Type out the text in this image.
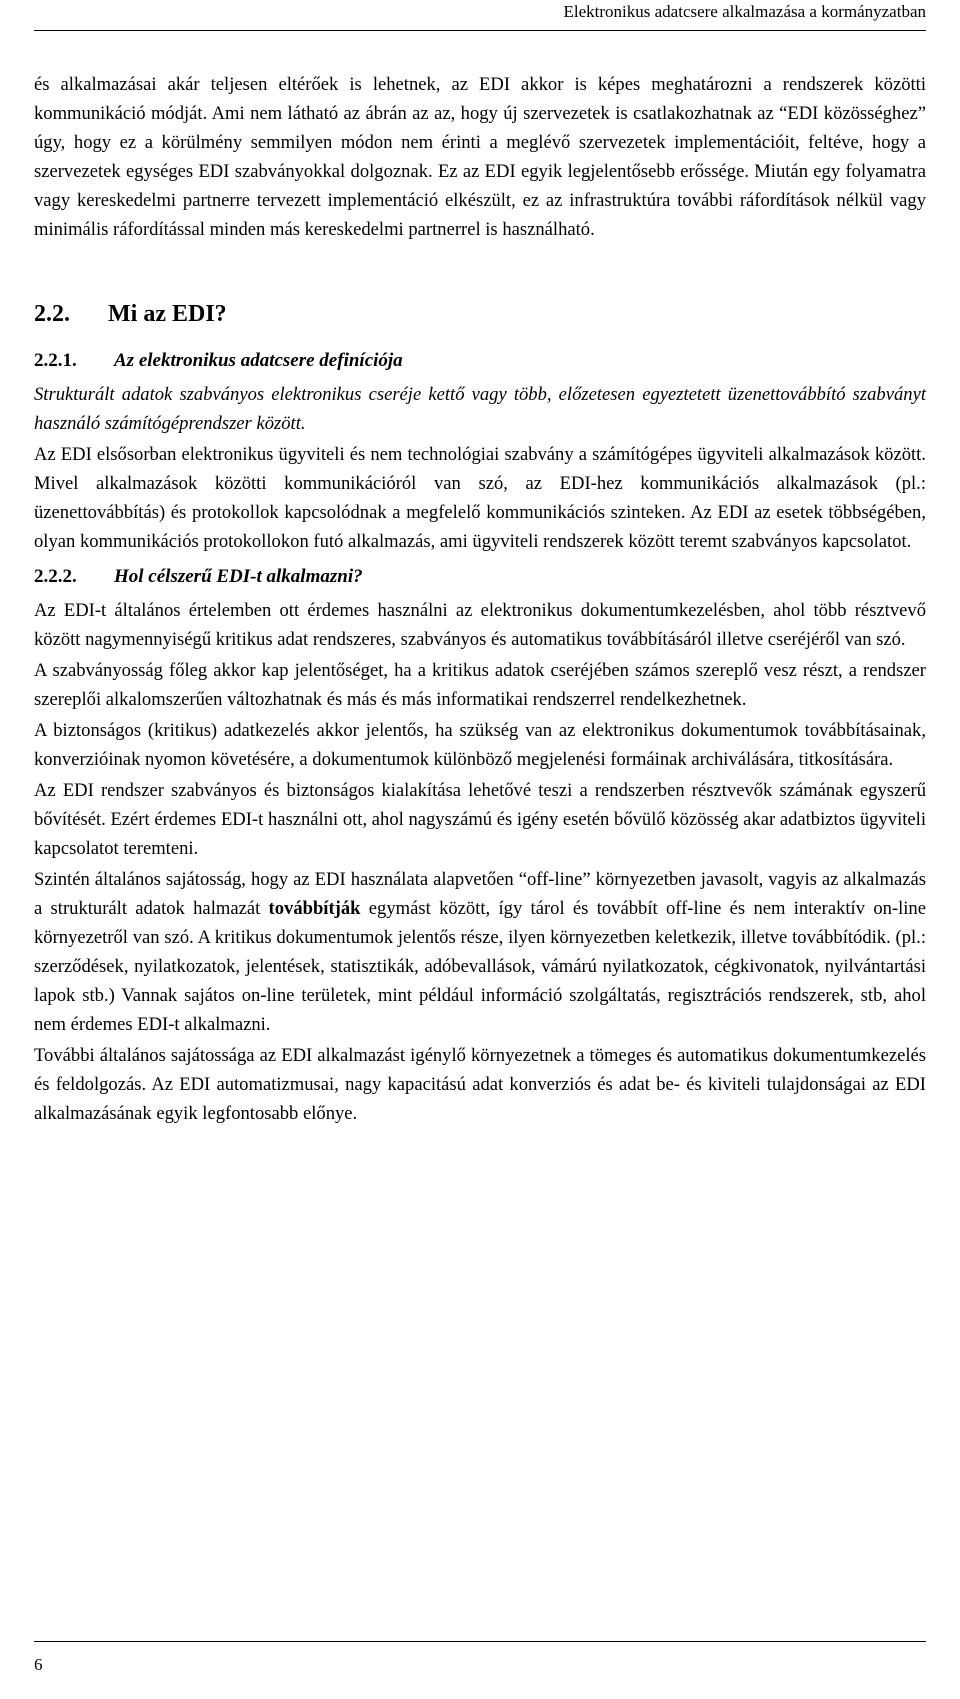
Elektronikus adatcsere alkalmazása a kormányzatban

és alkalmazásai akár teljesen eltérőek is lehetnek, az EDI akkor is képes meghatározni a rendszerek közötti kommunikáció módját. Ami nem látható az ábrán az az, hogy új szervezetek is csatlakozhatnak az “EDI közösséghez” úgy, hogy ez a körülmény semmilyen módon nem érinti a meglévő szervezetek implementációit, feltéve, hogy a szervezetek egységes EDI szabványokkal dolgoznak. Ez az EDI egyik legjelentősebb erőssége. Miután egy folyamatra vagy kereskedelmi partnerre tervezett implementáció elkészült, ez az infrastruktúra további ráfordítások nélkül vagy minimális ráfordítással minden más kereskedelmi partnerrel is használható.

2.2. Mi az EDI?
2.2.1. Az elektronikus adatcsere definíciója

Strukturált adatok szabványos elektronikus cseréje kettő vagy több, előzetesen egyeztetett üzenettovábbító szabványt használó számítógéprendszer között.

Az EDI elsősorban elektronikus ügyviteli és nem technológiai szabvány a számítógépes ügyviteli alkalmazások között. Mivel alkalmazások közötti kommunikációról van szó, az EDI-hez kommunikációs alkalmazások (pl.: üzenettovábbítás) és protokollok kapcsolódnak a megfelelő kommunikációs szinteken. Az EDI az esetek többségében, olyan kommunikációs protokollokon futó alkalmazás, ami ügyviteli rendszerek között teremt szabványos kapcsolatot.

2.2.2. Hol célszerű EDI-t alkalmazni?

Az EDI-t általános értelemben ott érdemes használni az elektronikus dokumentumkezelésben, ahol több résztvevő között nagymennyiségű kritikus adat rendszeres, szabványos és automatikus továbbításáról illetve cseréjéről van szó.

A szabványosság főleg akkor kap jelentőséget, ha a kritikus adatok cseréjében számos szereplő vesz részt, a rendszer szereplői alkalomszerűen változhatnak és más és más informatikai rendszerrel rendelkezhetnek.

A biztonságos (kritikus) adatkezelés akkor jelentős, ha szükség van az elektronikus dokumentumok továbbításainak, konverzióinak nyomon követésére, a dokumentumok különböző megjelenési formáinak archiválására, titkosítására.

Az EDI rendszer szabványos és biztonságos kialakítása lehetővé teszi a rendszerben résztvevők számának egyszerű bővítését. Ezért érdemes EDI-t használni ott, ahol nagyszámú és igény esetén bővülő közösség akar adatbiztos ügyviteli kapcsolatot teremteni.

Szintén általános sajátosság, hogy az EDI használata alapvetően “off-line” környezetben javasolt, vagyis az alkalmazás a strukturált adatok halmazát továbbítják egymást között, így tárol és továbbít off-line és nem interaktív on-line környezetről van szó. A kritikus dokumentumok jelentős része, ilyen környezetben keletkezik, illetve továbbítódik. (pl.: szerződések, nyilatkozatok, jelentések, statisztikák, adóbevallások, vámárú nyilatkozatok, cégkivonatok, nyilvántartási lapok stb.) Vannak sajátos on-line területek, mint például információ szolgáltatás, regisztrációs rendszerek, stb, ahol nem érdemes EDI-t alkalmazni.

További általános sajátossága az EDI alkalmazást igénylő környezetnek a tömeges és automatikus dokumentumkezelés és feldolgozás. Az EDI automatizmusai, nagy kapacitású adat konverziós és adat be- és kiviteli tulajdonságai az EDI alkalmazásának egyik legfontosabb előnye.

6
